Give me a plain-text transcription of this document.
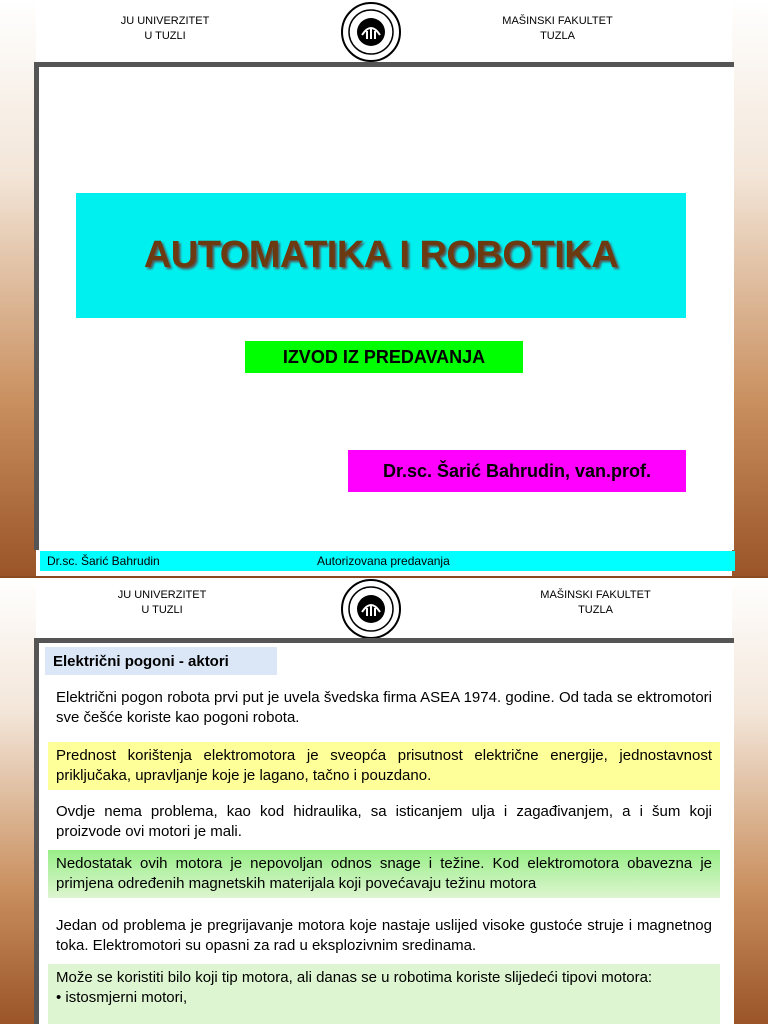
JU UNIVERZITET
U TUZLI
MAŠINSKI FAKULTET
TUZLA
AUTOMATIKA I ROBOTIKA
IZVOD IZ PREDAVANJA
Dr.sc. Šarić Bahrudin, van.prof.
Dr.sc. Šarić Bahrudin	Autorizovana predavanja
JU UNIVERZITET
U TUZLI
MAŠINSKI FAKULTET
TUZLA
Električni pogoni - aktori
Električni pogon robota prvi put je uvela švedska firma ASEA 1974. godine. Od tada se ektromotori sve češće koriste kao pogoni robota.
Prednost korištenja elektromotora je sveopća prisutnost električne energije, jednostavnost priključaka, upravljanje koje je lagano, tačno i pouzdano.
Ovdje nema problema, kao kod hidraulika, sa isticanjem ulja i zagađivanjem, a i šum koji proizvode ovi motori je mali.
Nedostatak ovih motora je nepovoljan odnos snage i težine. Kod elektromotora obavezna je primjena određenih magnetskih materijala koji povećavaju težinu motora
Jedan od problema je pregrijavanje motora koje nastaje uslijed visoke gustoće struje i magnetnog toka. Elektromotori su opasni za rad u eksplozivnim sredinama.
Može se koristiti bilo koji tip motora, ali danas se u robotima koriste slijedeći tipovi motora:
• istosmjerni motori,
